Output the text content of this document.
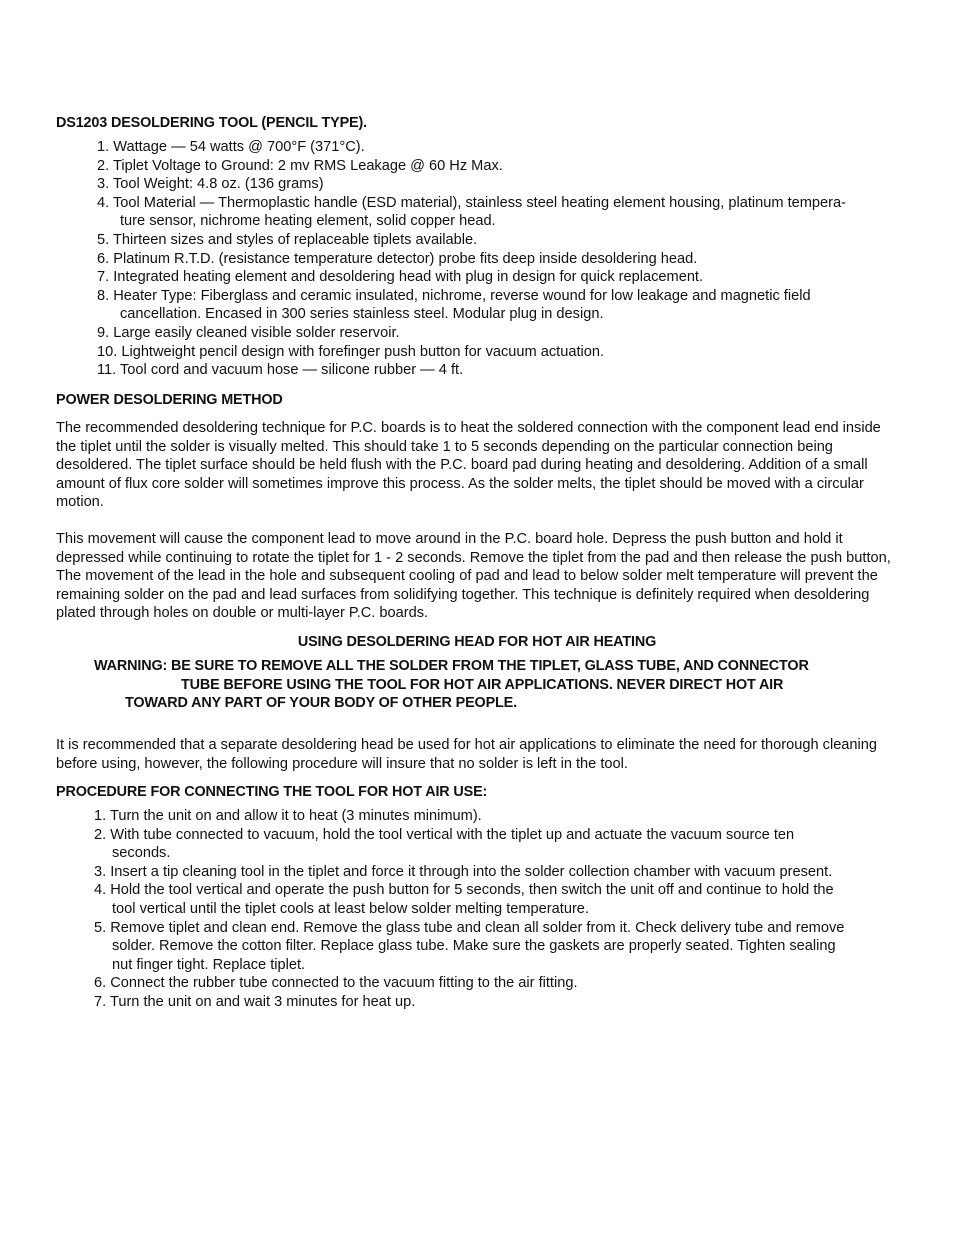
DS1203 DESOLDERING TOOL (PENCIL TYPE).
1. Wattage — 54 watts @ 700°F (371°C).
2. Tiplet Voltage to Ground: 2 mv RMS Leakage @ 60 Hz Max.
3. Tool Weight: 4.8 oz. (136 grams)
4. Tool Material — Thermoplastic handle (ESD material), stainless steel heating element housing, platinum tempera-
ture sensor, nichrome heating element, solid copper head.
5. Thirteen sizes and styles of replaceable tiplets available.
6. Platinum R.T.D. (resistance temperature detector) probe fits deep inside desoldering head.
7. Integrated heating element and desoldering head with plug in design for quick replacement.
8. Heater Type: Fiberglass and ceramic insulated, nichrome, reverse wound for low leakage and magnetic field
cancellation. Encased in 300 series stainless steel. Modular plug in design.
9. Large easily cleaned visible solder reservoir.
10. Lightweight pencil design with forefinger push button for vacuum actuation.
11. Tool cord and vacuum hose — silicone rubber — 4 ft.
POWER DESOLDERING METHOD

The recommended desoldering technique for P.C. boards is to heat the soldered connection with the component lead end inside the tiplet until the solder is visually melted. This should take 1 to 5 seconds depending on the particular connection being desoldered. The tiplet surface should be held flush with the P.C. board pad during heating and desoldering. Addition of a small amount of flux core solder will sometimes improve this process. As the solder melts, the tiplet should be moved with a circular motion.

This movement will cause the component lead to move around in the P.C. board hole. Depress the push button and hold it depressed while continuing to rotate the tiplet for 1 - 2 seconds. Remove the tiplet from the pad and then release the push button, The movement of the lead in the hole and subsequent cooling of pad and lead to below solder melt temperature will prevent the remaining solder on the pad and lead surfaces from solidifying together. This technique is definitely required when desoldering plated through holes on double or multi-layer P.C. boards.

USING DESOLDERING HEAD FOR HOT AIR HEATING
WARNING: BE SURE TO REMOVE ALL THE SOLDER FROM THE TIPLET, GLASS TUBE, AND CONNECTOR
TUBE BEFORE USING THE TOOL FOR HOT AIR APPLICATIONS. NEVER DIRECT HOT AIR
TOWARD ANY PART OF YOUR BODY OF OTHER PEOPLE.

It is recommended that a separate desoldering head be used for hot air applications to eliminate the need for thorough cleaning before using, however, the following procedure will insure that no solder is left in the tool.

PROCEDURE FOR CONNECTING THE TOOL FOR HOT AIR USE:
1. Turn the unit on and allow it to heat (3 minutes minimum).
2. With tube connected to vacuum, hold the tool vertical with the tiplet up and actuate the vacuum source ten
seconds.
3. Insert a tip cleaning tool in the tiplet and force it through into the solder collection chamber with vacuum present.
4. Hold the tool vertical and operate the push button for 5 seconds, then switch the unit off and continue to hold the
tool vertical until the tiplet cools at least below solder melting temperature.
5. Remove tiplet and clean end. Remove the glass tube and clean all solder from it. Check delivery tube and remove
solder. Remove the cotton filter. Replace glass tube. Make sure the gaskets are properly seated. Tighten sealing
nut finger tight. Replace tiplet.
6. Connect the rubber tube connected to the vacuum fitting to the air fitting.
7. Turn the unit on and wait 3 minutes for heat up.
